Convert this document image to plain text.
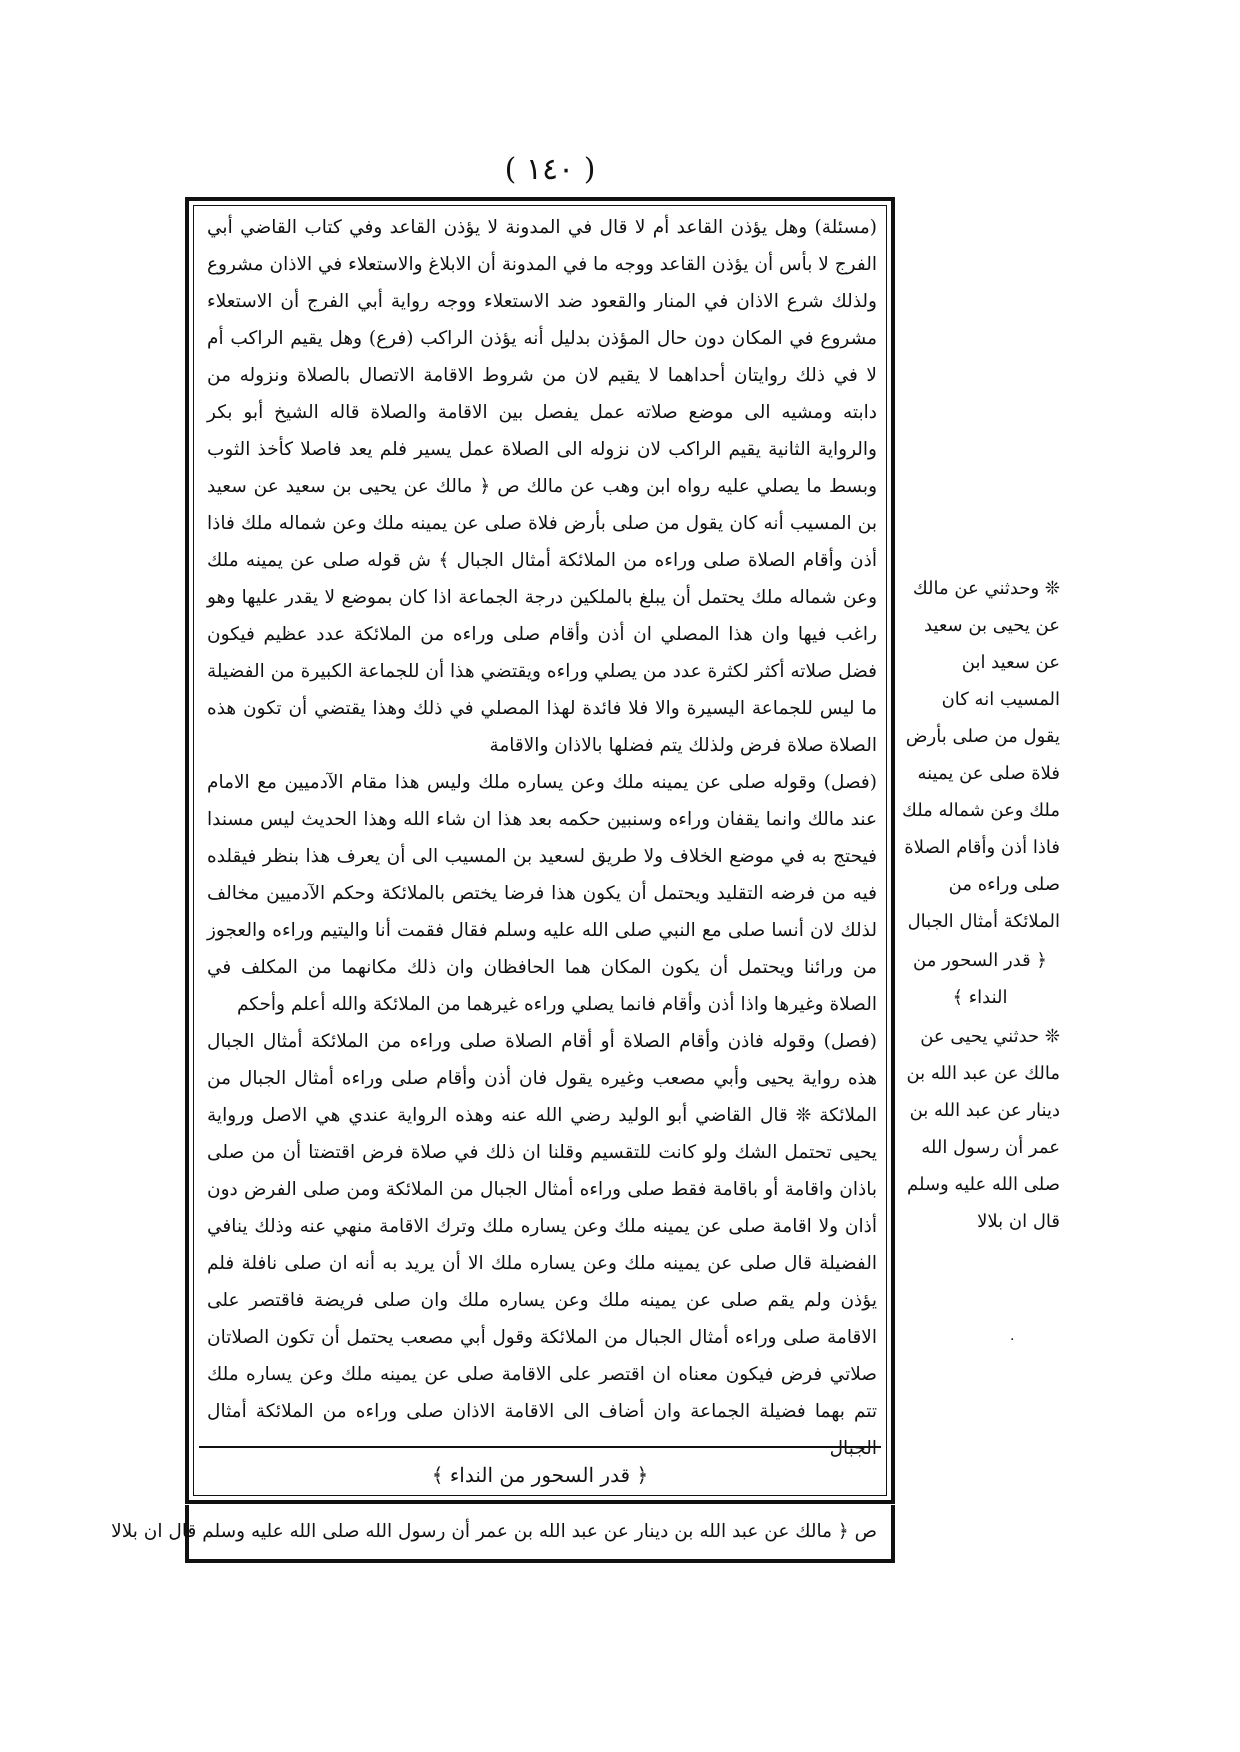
( ١٤٠ )

(مسئلة) وهل يؤذن القاعد أم لا قال في المدونة لا يؤذن القاعد وفي كتاب القاضي أبي الفرج لا بأس أن يؤذن القاعد ووجه ما في المدونة أن الابلاغ والاستعلاء في الاذان مشروع ولذلك شرع الاذان في المنار والقعود ضد الاستعلاء ووجه رواية أبي الفرج أن الاستعلاء مشروع في المكان دون حال المؤذن بدليل أنه يؤذن الراكب (فرع) وهل يقيم الراكب أم لا في ذلك روايتان أحداهما لا يقيم لان من شروط الاقامة الاتصال بالصلاة ونزوله من دابته ومشيه الى موضع صلاته عمل يفصل بين الاقامة والصلاة قاله الشيخ أبو بكر والرواية الثانية يقيم الراكب لان نزوله الى الصلاة عمل يسير فلم يعد فاصلا كأخذ الثوب وبسط ما يصلي عليه رواه ابن وهب عن مالك ص ﴿ مالك عن يحيى بن سعيد عن سعيد بن المسيب أنه كان يقول من صلى بأرض فلاة صلى عن يمينه ملك وعن شماله ملك فاذا أذن وأقام الصلاة صلى وراءه من الملائكة أمثال الجبال ﴾ ش قوله صلى عن يمينه ملك وعن شماله ملك يحتمل أن يبلغ بالملكين درجة الجماعة اذا كان بموضع لا يقدر عليها وهو راغب فيها وان هذا المصلي ان أذن وأقام صلى وراءه من الملائكة عدد عظيم فيكون فضل صلاته أكثر لكثرة عدد من يصلي وراءه ويقتضي هذا أن للجماعة الكبيرة من الفضيلة ما ليس للجماعة اليسيرة والا فلا فائدة لهذا المصلي في ذلك وهذا يقتضي أن تكون هذه الصلاة صلاة فرض ولذلك يتم فضلها بالاذان والاقامة

(فصل) وقوله صلى عن يمينه ملك وعن يساره ملك وليس هذا مقام الآدميين مع الامام عند مالك وانما يقفان وراءه وسنبين حكمه بعد هذا ان شاء الله وهذا الحديث ليس مسندا فيحتج به في موضع الخلاف ولا طريق لسعيد بن المسيب الى أن يعرف هذا بنظر فيقلده فيه من فرضه التقليد ويحتمل أن يكون هذا فرضا يختص بالملائكة وحكم الآدميين مخالف لذلك لان أنسا صلى مع النبي صلى الله عليه وسلم فقال فقمت أنا واليتيم وراءه والعجوز من ورائنا ويحتمل أن يكون المكان هما الحافظان وان ذلك مكانهما من المكلف في الصلاة وغيرها واذا أذن وأقام فانما يصلي وراءه غيرهما من الملائكة والله أعلم وأحكم

(فصل) وقوله فاذن وأقام الصلاة أو أقام الصلاة صلى وراءه من الملائكة أمثال الجبال هذه رواية يحيى وأبي مصعب وغيره يقول فان أذن وأقام صلى وراءه أمثال الجبال من الملائكة ❊ قال القاضي أبو الوليد رضي الله عنه وهذه الرواية عندي هي الاصل ورواية يحيى تحتمل الشك ولو كانت للتقسيم وقلنا ان ذلك في صلاة فرض اقتضتا أن من صلى باذان واقامة أو باقامة فقط صلى وراءه أمثال الجبال من الملائكة ومن صلى الفرض دون أذان ولا اقامة صلى عن يمينه ملك وعن يساره ملك وترك الاقامة منهي عنه وذلك ينافي الفضيلة قال صلى عن يمينه ملك وعن يساره ملك الا أن يريد به أنه ان صلى نافلة فلم يؤذن ولم يقم صلى عن يمينه ملك وعن يساره ملك وان صلى فريضة فاقتصر على الاقامة صلى وراءه أمثال الجبال من الملائكة وقول أبي مصعب يحتمل أن تكون الصلاتان صلاتي فرض فيكون معناه ان اقتصر على الاقامة صلى عن يمينه ملك وعن يساره ملك تتم بهما فضيلة الجماعة وان أضاف الى الاقامة الاذان صلى وراءه من الملائكة أمثال الجبال

﴿ قدر السحور من النداء ﴾
ص ﴿ مالك عن عبد الله بن دينار عن عبد الله بن عمر أن رسول الله صلى الله عليه وسلم قال ان بلالا

❊ وحدثني عن مالك عن يحيى بن سعيد عن سعيد ابن المسيب انه كان يقول من صلى بأرض فلاة صلى عن يمينه ملك وعن شماله ملك فاذا أذن وأقام الصلاة صلى وراءه من الملائكة أمثال الجبال

﴿ قدر السحور من النداء ﴾

❊ حدثني يحيى عن مالك عن عبد الله بن دينار عن عبد الله بن عمر أن رسول الله صلى الله عليه وسلم قال ان بلالا

·
